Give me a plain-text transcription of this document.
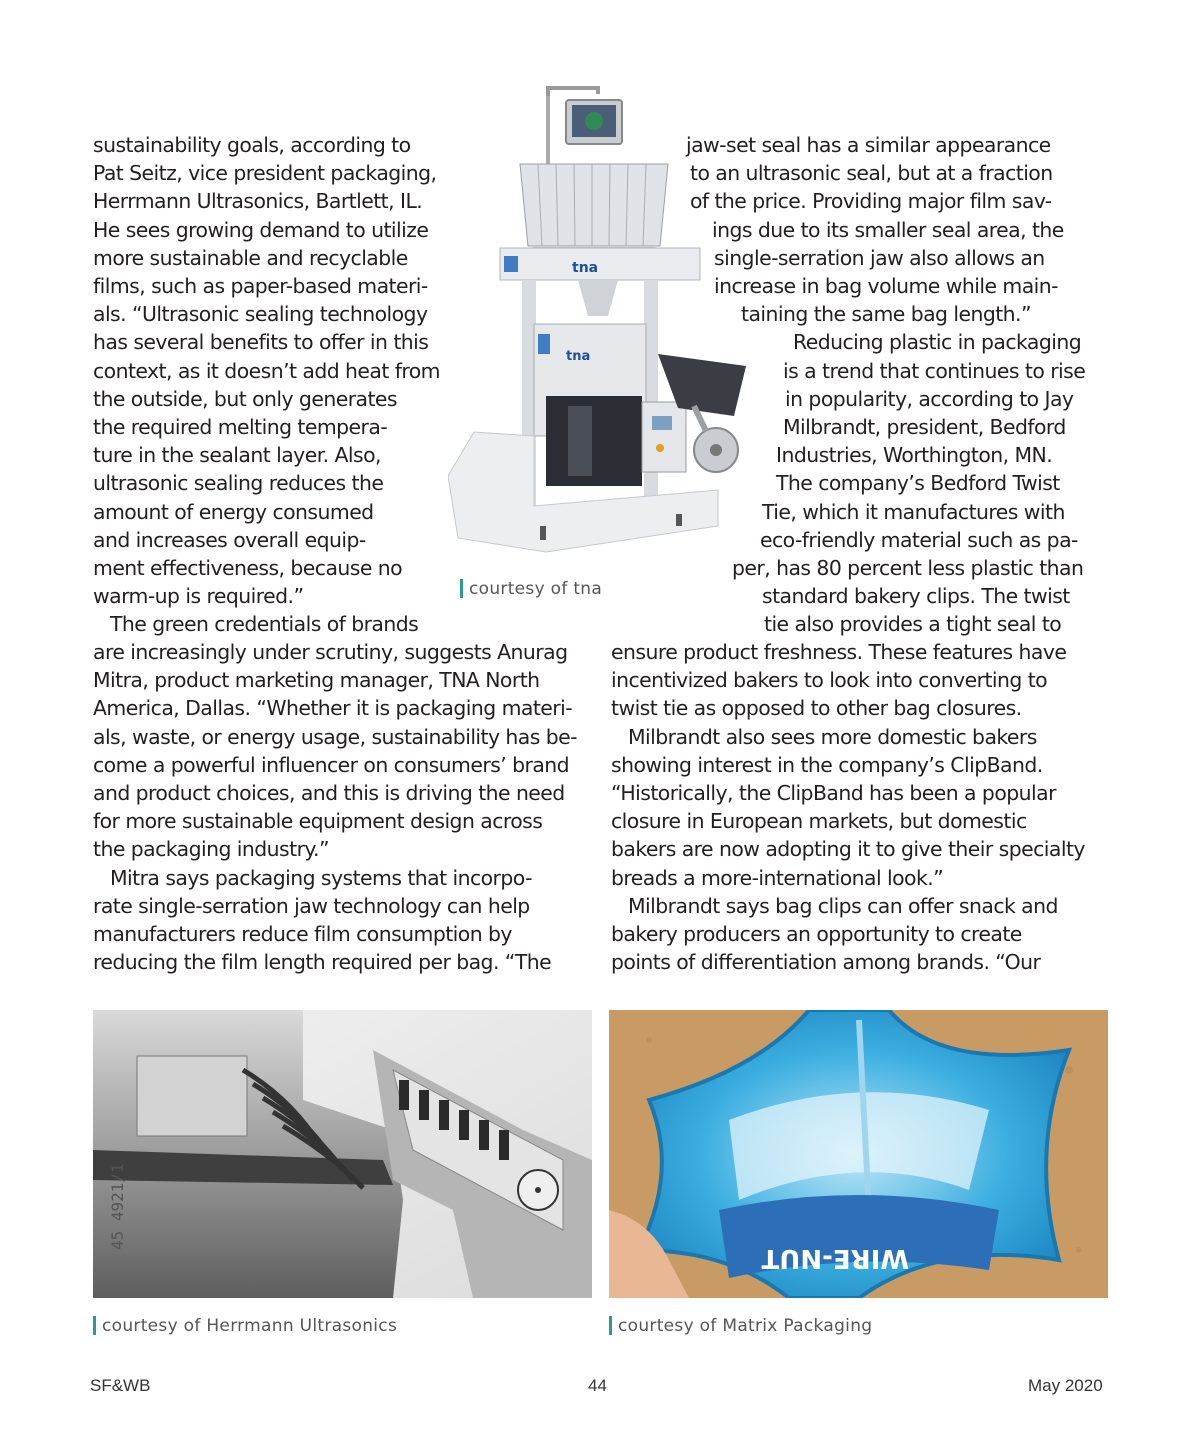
tna
tna
courtesy of tna
sustainability goals, according to
Pat Seitz, vice president packaging,
Herrmann Ultrasonics, Bartlett, IL.
He sees growing demand to utilize
more sustainable and recyclable
films, such as paper-based materi-
als. “Ultrasonic sealing technology
has several benefits to offer in this
context, as it doesn’t add heat from
the outside, but only generates
the required melting tempera-
ture in the sealant layer. Also,
ultrasonic sealing reduces the
amount of energy consumed
and increases overall equip-
ment effectiveness, because no
warm-up is required.”
The green credentials of brands
are increasingly under scrutiny, suggests Anurag
Mitra, product marketing manager, TNA North
America, Dallas. “Whether it is packaging materi-
als, waste, or energy usage, sustainability has be-
come a powerful influencer on consumers’ brand
and product choices, and this is driving the need
for more sustainable equipment design across
the packaging industry.”
Mitra says packaging systems that incorpo-
rate single-serration jaw technology can help
manufacturers reduce film consumption by
reducing the film length required per bag. “The
jaw-set seal has a similar appearance
to an ultrasonic seal, but at a fraction
of the price. Providing major film sav-
ings due to its smaller seal area, the
single-serration jaw also allows an
increase in bag volume while main-
taining the same bag length.”
Reducing plastic in packaging
is a trend that continues to rise
in popularity, according to Jay
Milbrandt, president, Bedford
Industries, Worthington, MN.
The company’s Bedford Twist
Tie, which it manufactures with
eco-friendly material such as pa-
per, has 80 percent less plastic than
standard bakery clips. The twist
tie also provides a tight seal to
ensure product freshness. These features have
incentivized bakers to look into converting to
twist tie as opposed to other bag closures.
Milbrandt also sees more domestic bakers
showing interest in the company’s ClipBand.
“Historically, the ClipBand has been a popular
closure in European markets, but domestic
bakers are now adopting it to give their specialty
breads a more-international look.”
Milbrandt says bag clips can offer snack and
bakery producers an opportunity to create
points of differentiation among brands. “Our
45 4921/1
courtesy of Herrmann Ultrasonics
WIRE-NUT
courtesy of Matrix Packaging
SF&WB	44	May 2020
